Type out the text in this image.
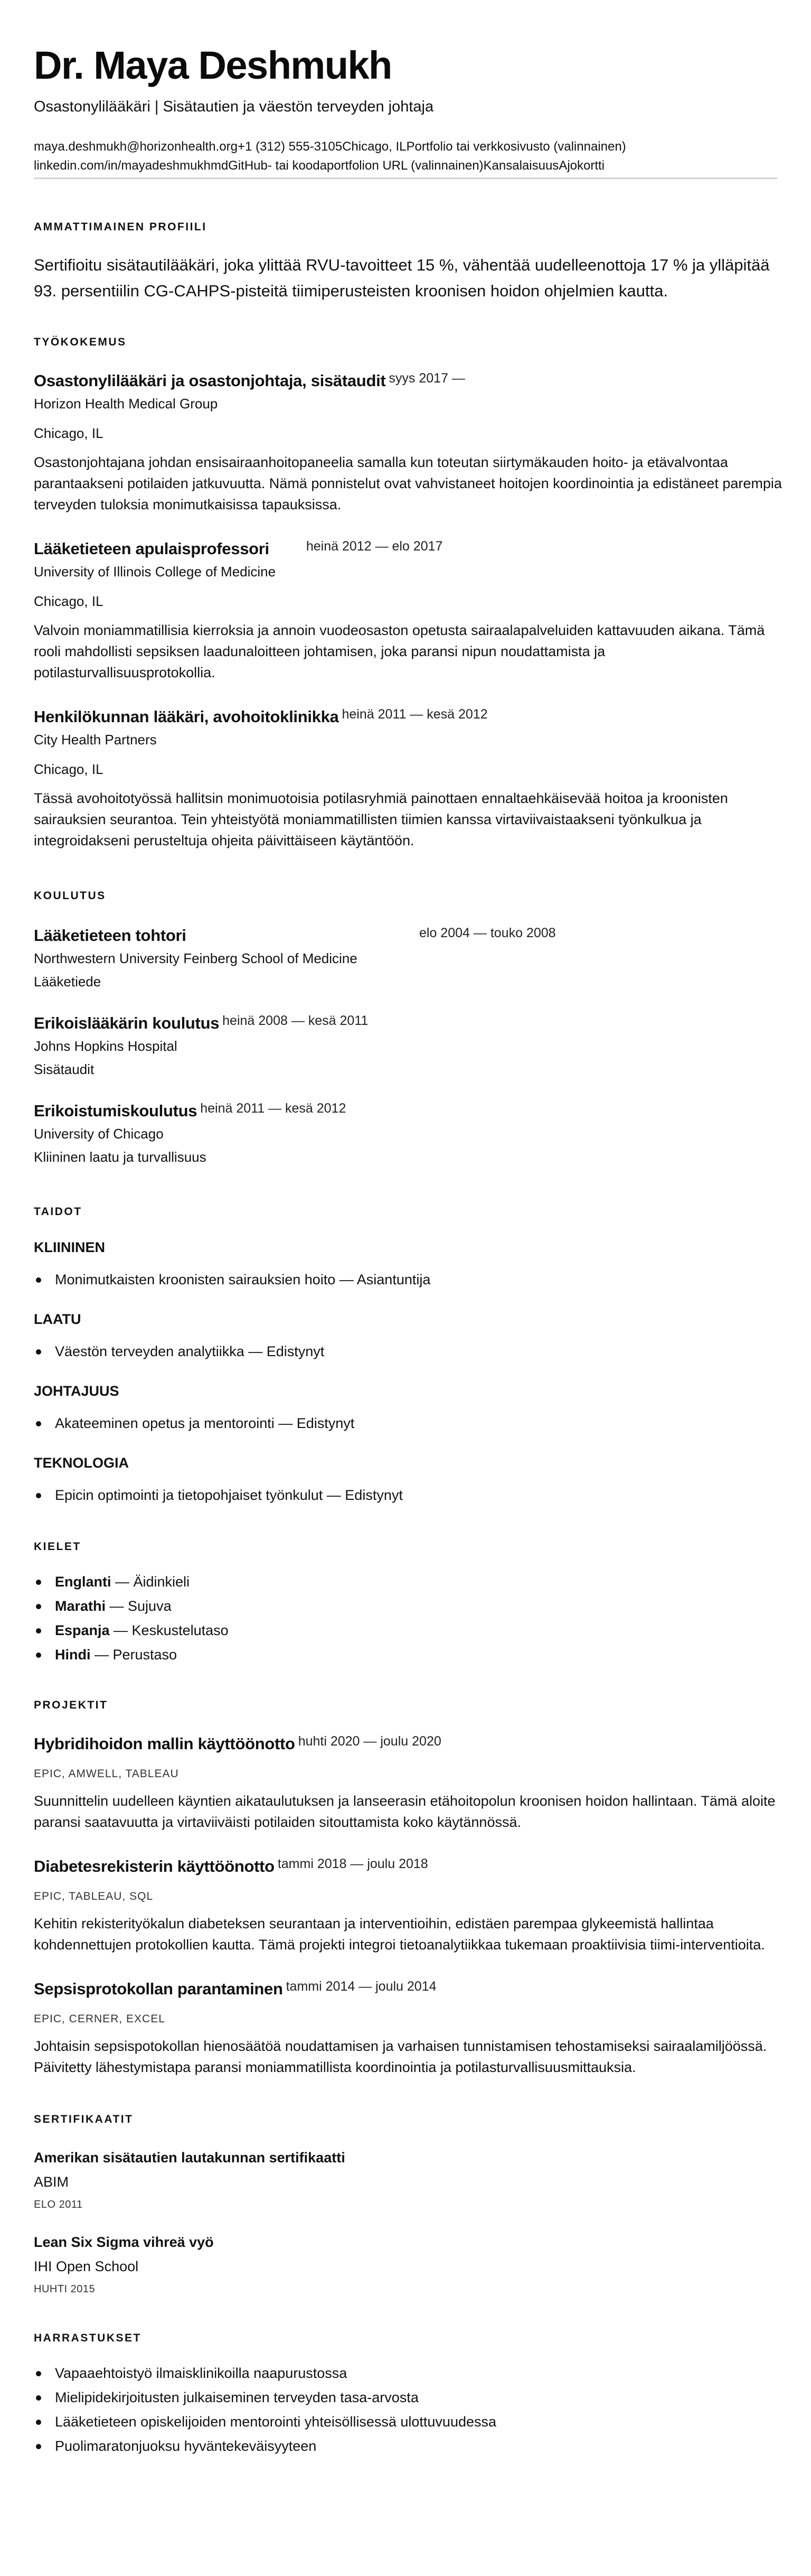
Dr. Maya Deshmukh
Osastonylilääkäri | Sisätautien ja väestön terveyden johtaja
maya.deshmukh@horizonhealth.org +1 (312) 555-3105 Chicago, IL Portfolio tai verkkosivusto (valinnainen)
linkedin.com/in/mayadeshmukhmd GitHub- tai koodaportfolion URL (valinnainen) Kansalaisuus Ajokortti
AMMATTIMAINEN PROFIILI

Sertifioitu sisätautilääkäri, joka ylittää RVU-tavoitteet 15 %, vähentää uudelleenottoja 17 % ja ylläpitää 93. persentiilin CG-CAHPS-pisteitä tiimiperusteisten kroonisen hoidon ohjelmien kautta.

TYÖKOKEMUS
Osastonylilääkäri ja osastonjohtaja, sisätaudit syys 2017 —
Horizon Health Medical Group
Chicago, IL

Osastonjohtajana johdan ensisairaanhoitopaneelia samalla kun toteutan siirtymäkauden hoito- ja etävalvontaa parantaakseni potilaiden jatkuvuutta. Nämä ponnistelut ovat vahvistaneet hoitojen koordinointia ja edistäneet parempia terveyden tuloksia monimutkaisissa tapauksissa.

Lääketieteen apulaisprofessori	heinä 2012 — elo 2017
University of Illinois College of Medicine
Chicago, IL

Valvoin moniammatillisia kierroksia ja annoin vuodeosaston opetusta sairaalapalveluiden kattavuuden aikana. Tämä rooli mahdollisti sepsiksen laadunaloitteen johtamisen, joka paransi nipun noudattamista ja potilasturvallisuusprotokollia.

Henkilökunnan lääkäri, avohoitoklinikka heinä 2011 — kesä 2012
City Health Partners
Chicago, IL

Tässä avohoitotyössä hallitsin monimuotoisia potilasryhmiä painottaen ennaltaehkäisevää hoitoa ja kroonisten sairauksien seurantoa. Tein yhteistyötä moniammatillisten tiimien kanssa virtaviivaistaakseni työnkulkua ja integroidakseni perusteltuja ohjeita päivittäiseen käytäntöön.

KOULUTUS
Lääketieteen tohtori	elo 2004 — touko 2008
Northwestern University Feinberg School of Medicine
Lääketiede
Erikoislääkärin koulutus heinä 2008 — kesä 2011
Johns Hopkins Hospital
Sisätaudit
Erikoistumiskoulutus heinä 2011 — kesä 2012
University of Chicago
Kliininen laatu ja turvallisuus
TAIDOT
KLIININEN
Monimutkaisten kroonisten sairauksien hoito — Asiantuntija
LAATU
Väestön terveyden analytiikka — Edistynyt
JOHTAJUUS
Akateeminen opetus ja mentorointi — Edistynyt
TEKNOLOGIA
Epicin optimointi ja tietopohjaiset työnkulut — Edistynyt
KIELET
Englanti — Äidinkieli
Marathi — Sujuva
Espanja — Keskustelutaso
Hindi — Perustaso
PROJEKTIT
Hybridihoidon mallin käyttöönotto huhti 2020 — joulu 2020
EPIC, AMWELL, TABLEAU

Suunnittelin uudelleen käyntien aikataulutuksen ja lanseerasin etähoitopolun kroonisen hoidon hallintaan. Tämä aloite paransi saatavuutta ja virtaviiväisti potilaiden sitouttamista koko käytännössä.

Diabetesrekisterin käyttöönotto tammi 2018 — joulu 2018
EPIC, TABLEAU, SQL

Kehitin rekisterityökalun diabeteksen seurantaan ja interventioihin, edistäen parempaa glykeemistä hallintaa kohdennettujen protokollien kautta. Tämä projekti integroi tietoanalytiikkaa tukemaan proaktiivisia tiimi-interventioita.

Sepsisprotokollan parantaminen tammi 2014 — joulu 2014
EPIC, CERNER, EXCEL

Johtaisin sepsispotokollan hienosäätöä noudattamisen ja varhaisen tunnistamisen tehostamiseksi sairaalamiljöössä. Päivitetty lähestymistapa paransi moniammatillista koordinointia ja potilasturvallisuusmittauksia.

SERTIFIKAATIT
Amerikan sisätautien lautakunnan sertifikaatti
ABIM
ELO 2011
Lean Six Sigma vihreä vyö
IHI Open School
HUHTI 2015
HARRASTUKSET
Vapaaehtoistyö ilmaisklinikoilla naapurustossa
Mielipidekirjoitusten julkaiseminen terveyden tasa-arvosta
Lääketieteen opiskelijoiden mentorointi yhteisöllisessä ulottuvuudessa
Puolimaratonjuoksu hyväntekeväisyyteen
